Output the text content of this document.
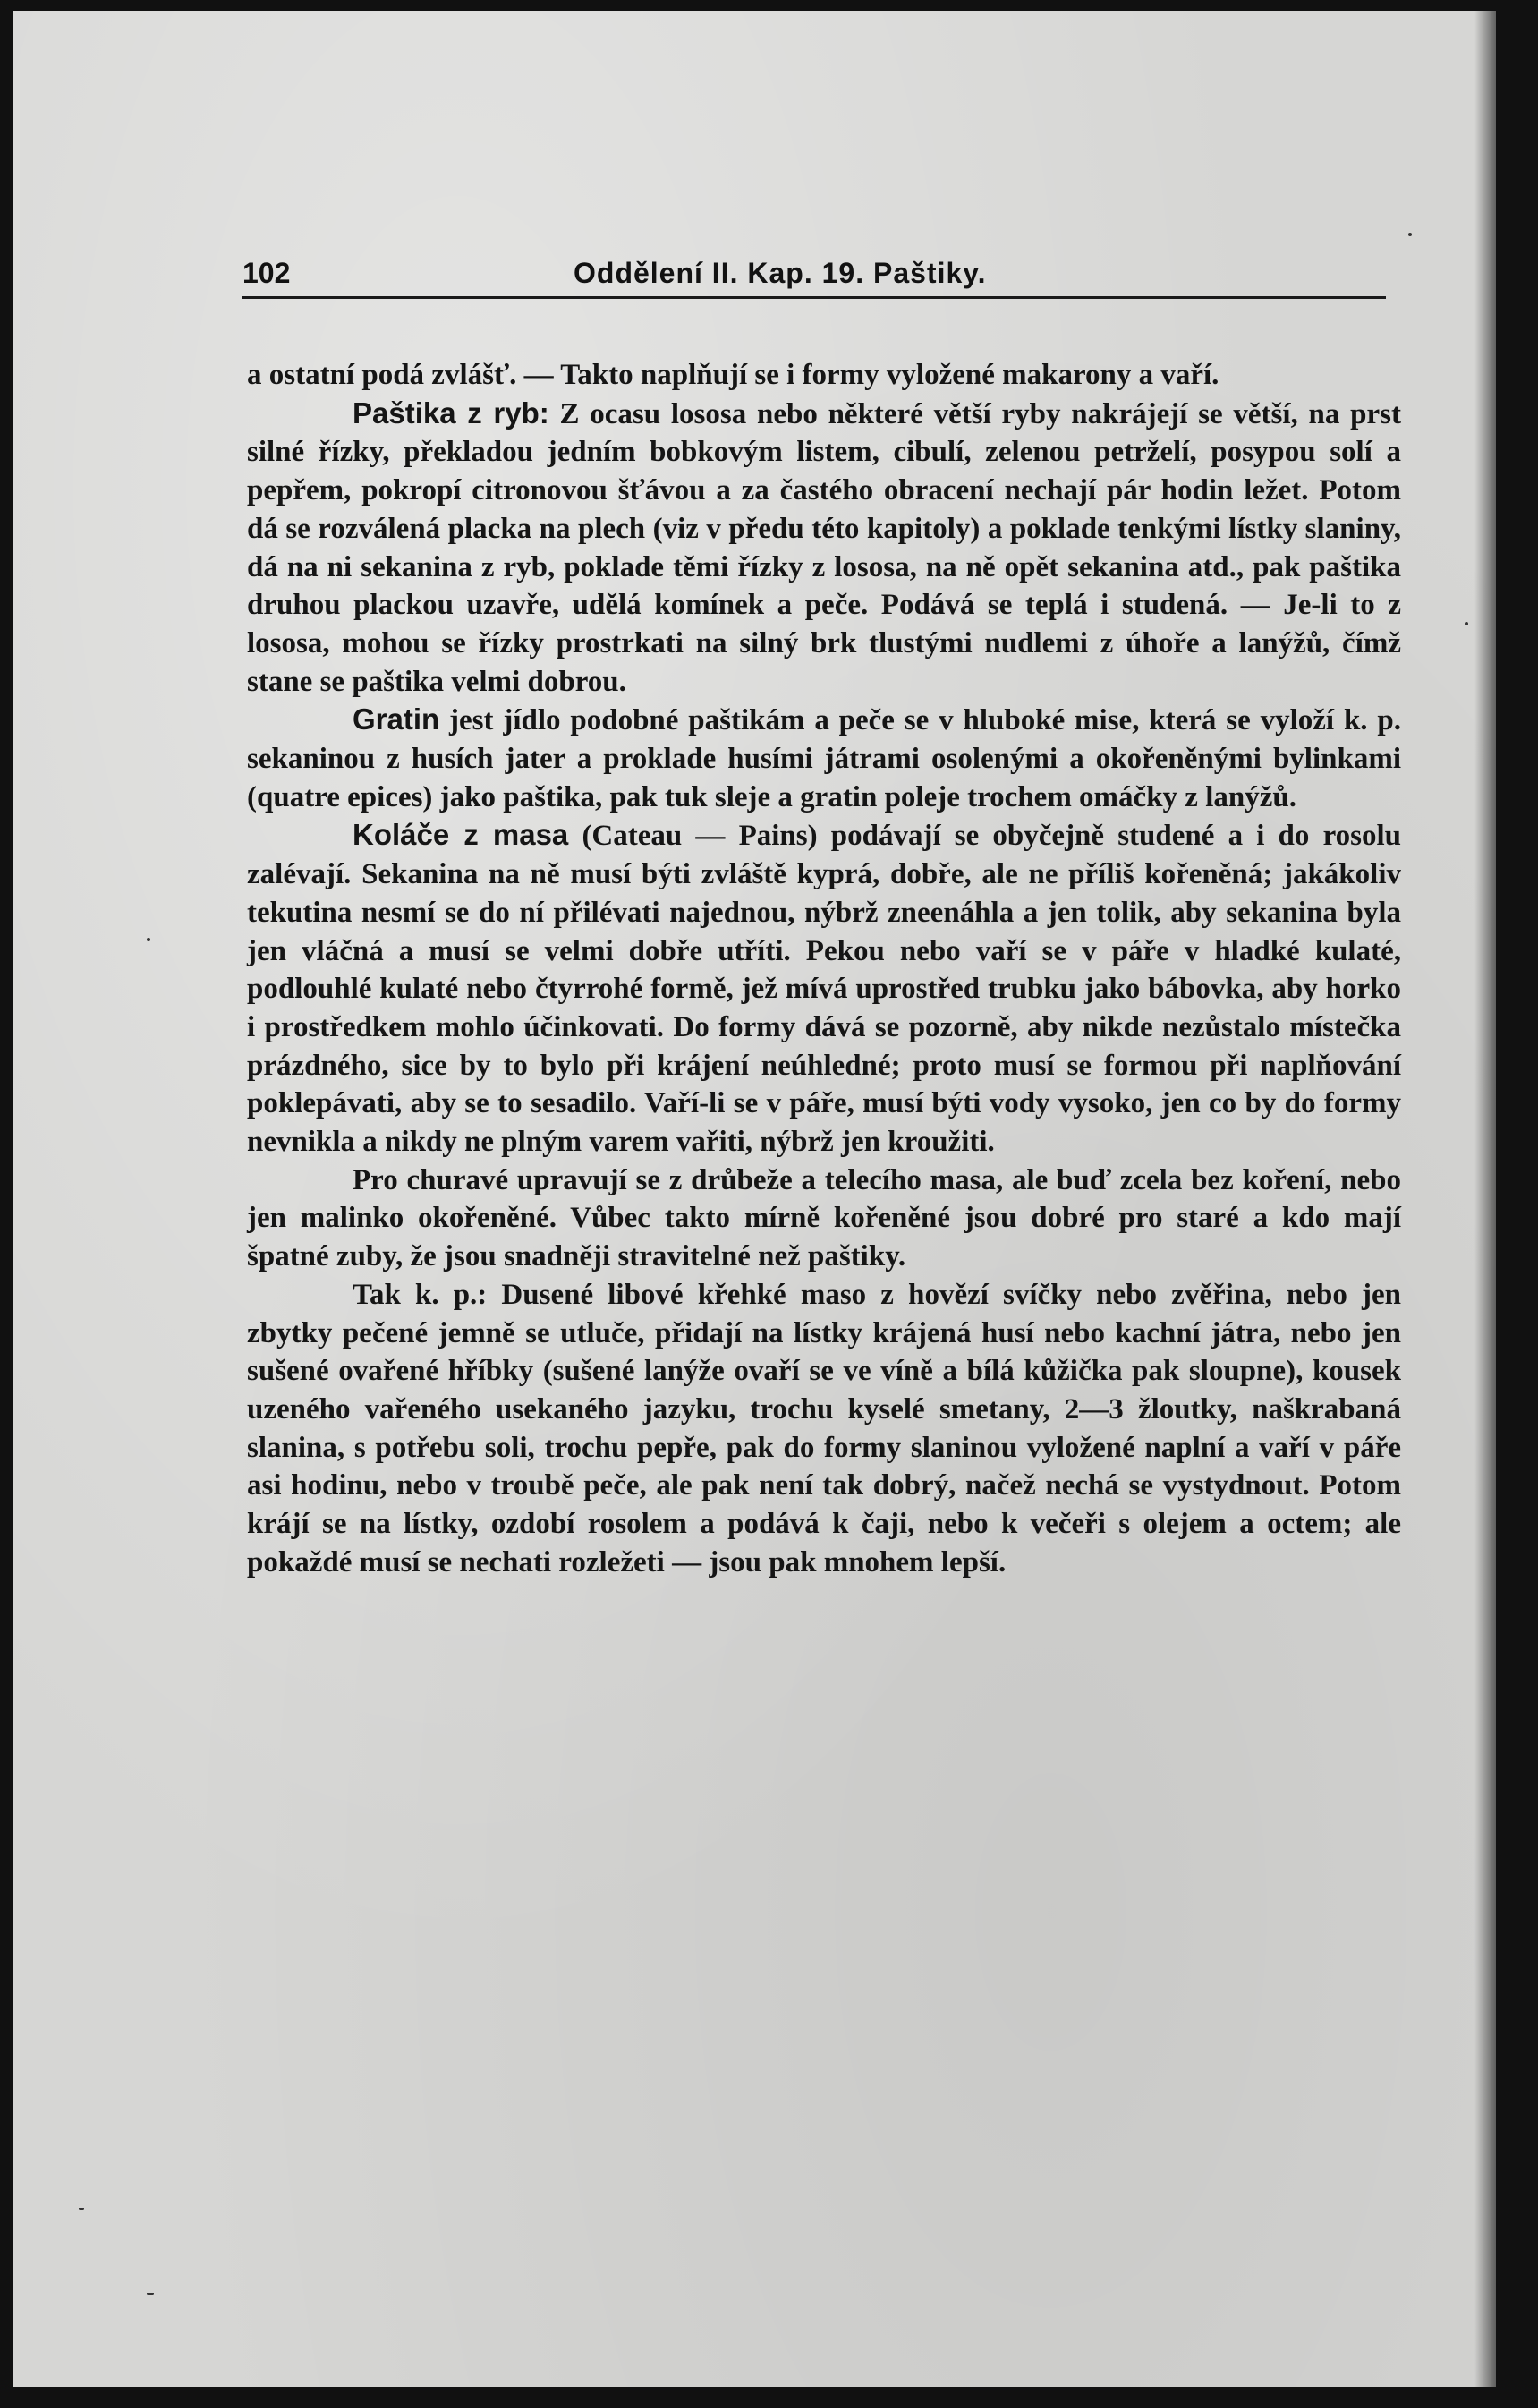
102	Oddělení II. Kap. 19. Paštiky.

a ostatní podá zvlášť. — Takto naplňují se i formy vyložené makarony a vaří.

Paštika z ryb: Z ocasu lososa nebo některé větší ryby nakrájejí se větší, na prst silné řízky, překladou jedním bobkovým listem, cibulí, zelenou petrželí, posypou solí a pepřem, pokropí citronovou šťávou a za častého obracení nechají pár hodin ležet. Potom dá se rozválená placka na plech (viz v předu této kapitoly) a poklade tenkými lístky slaniny, dá na ni sekanina z ryb, poklade těmi řízky z lososa, na ně opět sekanina atd., pak paštika druhou plackou uzavře, udělá komínek a peče. Podává se teplá i studená. — Je-li to z lososa, mohou se řízky prostrkati na silný brk tlustými nudlemi z úhoře a lanýžů, čímž stane se paštika velmi dobrou.

Gratin jest jídlo podobné paštikám a peče se v hluboké mise, která se vyloží k. p. sekaninou z husích jater a proklade husími játrami osolenými a okořeněnými bylinkami (quatre epices) jako paštika, pak tuk sleje a gratin poleje trochem omáčky z lanýžů.

Koláče z masa (Cateau — Pains) podávají se obyčejně studené a i do rosolu zalévají. Sekanina na ně musí býti zvláště kyprá, dobře, ale ne příliš kořeněná; jakákoliv tekutina nesmí se do ní přilévati najednou, nýbrž zneenáhla a jen tolik, aby sekanina byla jen vláčná a musí se velmi dobře utříti. Pekou nebo vaří se v páře v hladké kulaté, podlouhlé kulaté nebo čtyrrohé formě, jež mívá uprostřed trubku jako bábovka, aby horko i prostředkem mohlo účinkovati. Do formy dává se pozorně, aby nikde nezůstalo místečka prázdného, sice by to bylo při krájení neúhledné; proto musí se formou při naplňování poklepávati, aby se to sesadilo. Vaří-li se v páře, musí býti vody vysoko, jen co by do formy nevnikla a nikdy ne plným varem vařiti, nýbrž jen kroužiti.

Pro churavé upravují se z drůbeže a telecího masa, ale buď zcela bez koření, nebo jen malinko okořeněné. Vůbec takto mírně kořeněné jsou dobré pro staré a kdo mají špatné zuby, že jsou snadněji stravitelné než paštiky.

Tak k. p.: Dusené libové křehké maso z hovězí svíčky nebo zvěřina, nebo jen zbytky pečené jemně se utluče, přidají na lístky krájená husí nebo kachní játra, nebo jen sušené ovařené hříbky (sušené lanýže ovaří se ve víně a bílá kůžička pak sloupne), kousek uzeného vařeného usekaného jazyku, trochu kyselé smetany, 2—3 žloutky, naškrabaná slanina, s potřebu soli, trochu pepře, pak do formy slaninou vyložené naplní a vaří v páře asi hodinu, nebo v troubě peče, ale pak není tak dobrý, načež nechá se vystydnout. Potom krájí se na lístky, ozdobí rosolem a podává k čaji, nebo k večeři s olejem a octem; ale pokaždé musí se nechati rozležeti — jsou pak mnohem lepší.
